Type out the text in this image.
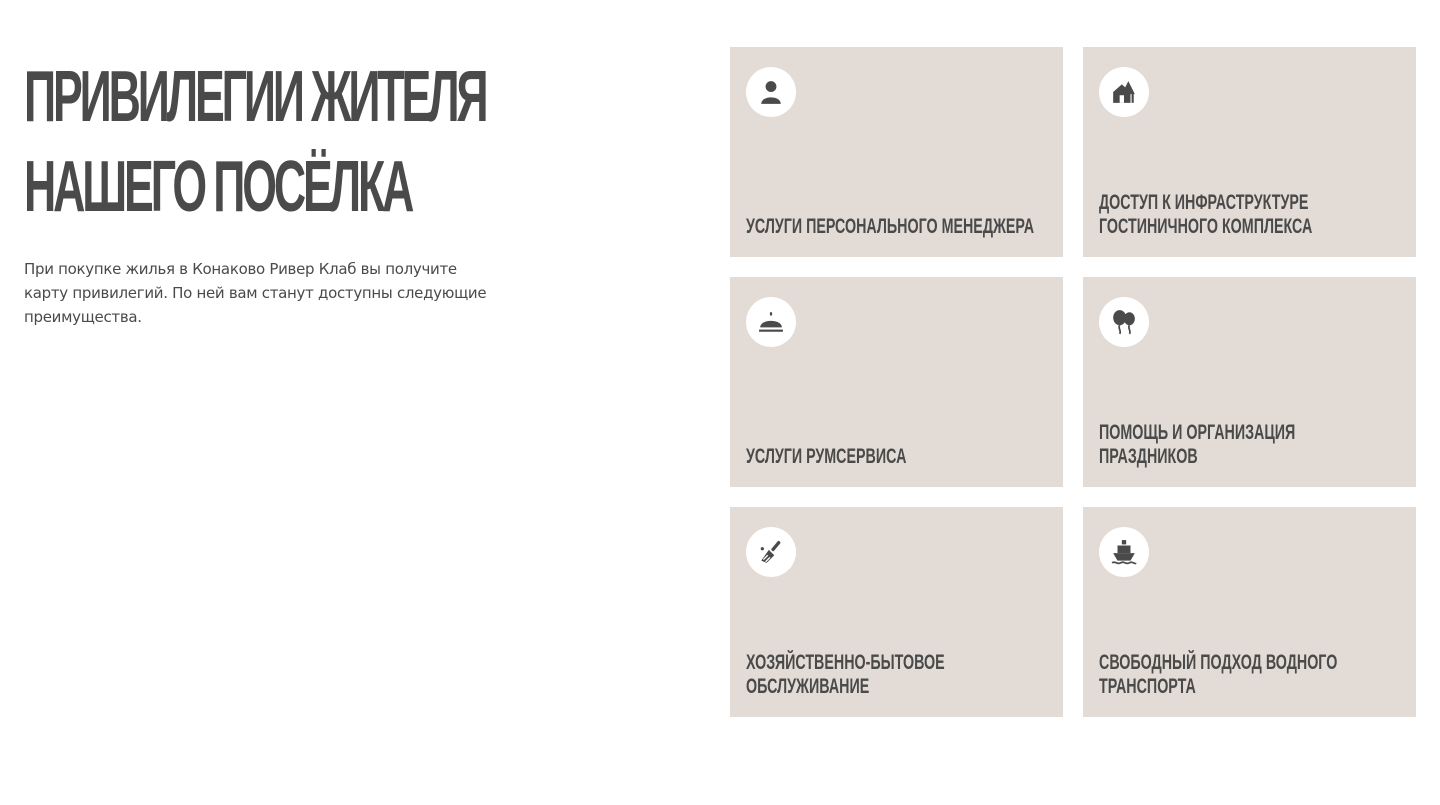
ПРИВИЛЕГИИ ЖИТЕЛЯ
НАШЕГО ПОСЁЛКА

При покупке жилья в Конаково Ривер Клаб вы получите карту привилегий. По ней вам станут доступны следующие преимущества.

УСЛУГИ ПЕРСОНАЛЬНОГО МЕНЕДЖЕРА
ДОСТУП К ИНФРАСТРУКТУРЕ ГОСТИНИЧНОГО КОМПЛЕКСА
УСЛУГИ РУМСЕРВИСА
ПОМОЩЬ И ОРГАНИЗАЦИЯ ПРАЗДНИКОВ
ХОЗЯЙСТВЕННО-БЫТОВОЕ ОБСЛУЖИВАНИЕ
СВОБОДНЫЙ ПОДХОД ВОДНОГО ТРАНСПОРТА
